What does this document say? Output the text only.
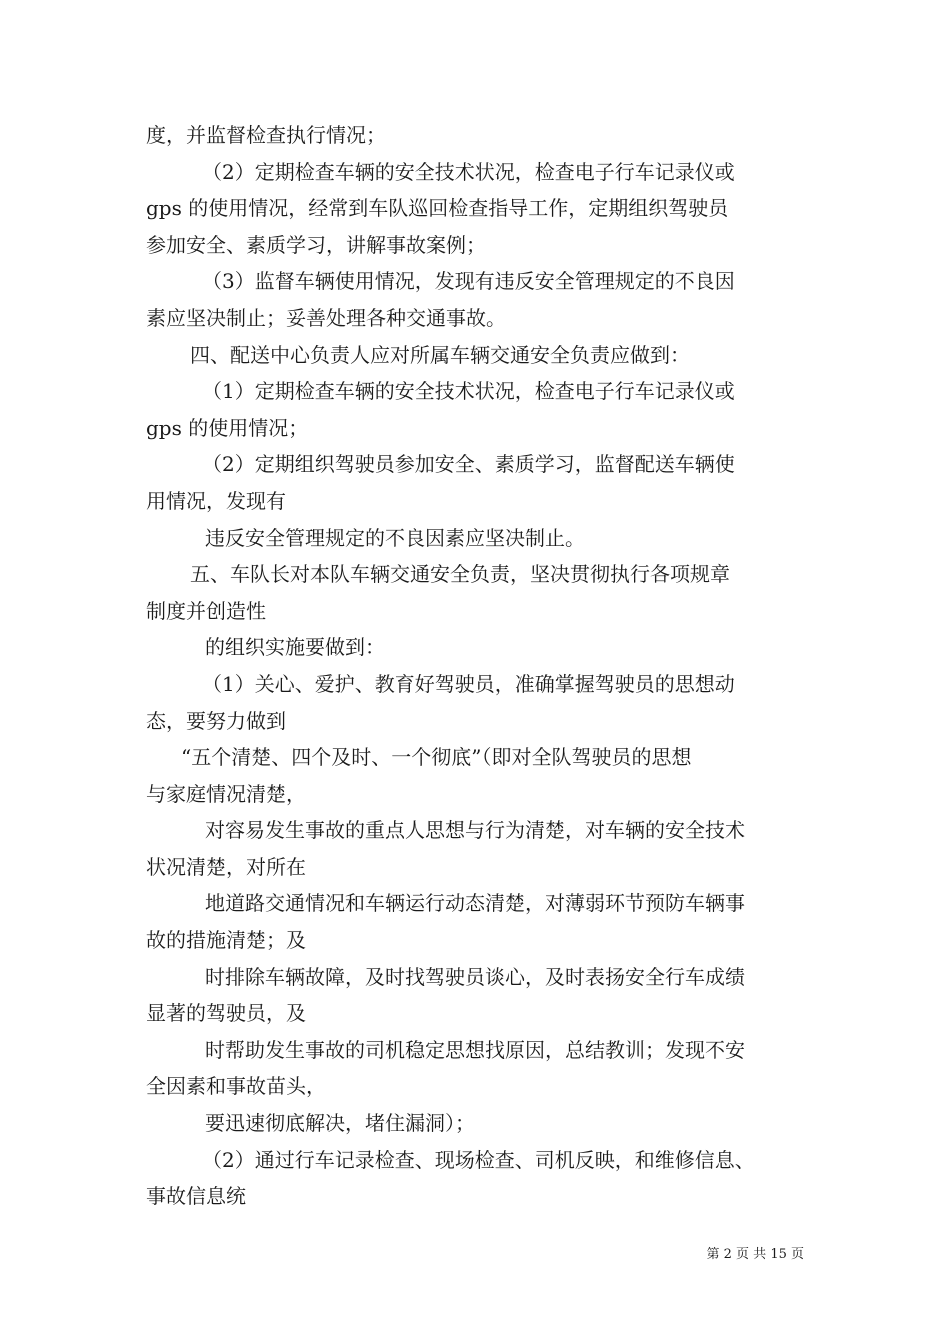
度，并监督检查执行情况；
（2）定期检查车辆的安全技术状况，检查电子行车记录仪或
gps 的使用情况，经常到车队巡回检查指导工作，定期组织驾驶员
参加安全、素质学习，讲解事故案例；
（3）监督车辆使用情况，发现有违反安全管理规定的不良因
素应坚决制止；妥善处理各种交通事故。
四、配送中心负责人应对所属车辆交通安全负责应做到：
（1）定期检查车辆的安全技术状况，检查电子行车记录仪或
gps 的使用情况；
（2）定期组织驾驶员参加安全、素质学习，监督配送车辆使
用情况，发现有
违反安全管理规定的不良因素应坚决制止。
五、车队长对本队车辆交通安全负责，坚决贯彻执行各项规章
制度并创造性
的组织实施要做到：
（1）关心、爱护、教育好驾驶员，准确掌握驾驶员的思想动
态，要努力做到
“五个清楚、四个及时、一个彻底”（即对全队驾驶员的思想
与家庭情况清楚，
对容易发生事故的重点人思想与行为清楚，对车辆的安全技术
状况清楚，对所在
地道路交通情况和车辆运行动态清楚，对薄弱环节预防车辆事
故的措施清楚；及
时排除车辆故障，及时找驾驶员谈心，及时表扬安全行车成绩
显著的驾驶员，及
时帮助发生事故的司机稳定思想找原因，总结教训；发现不安
全因素和事故苗头，
要迅速彻底解决，堵住漏洞）；
（2）通过行车记录检查、现场检查、司机反映，和维修信息、
事故信息统
第 2 页 共 15 页
